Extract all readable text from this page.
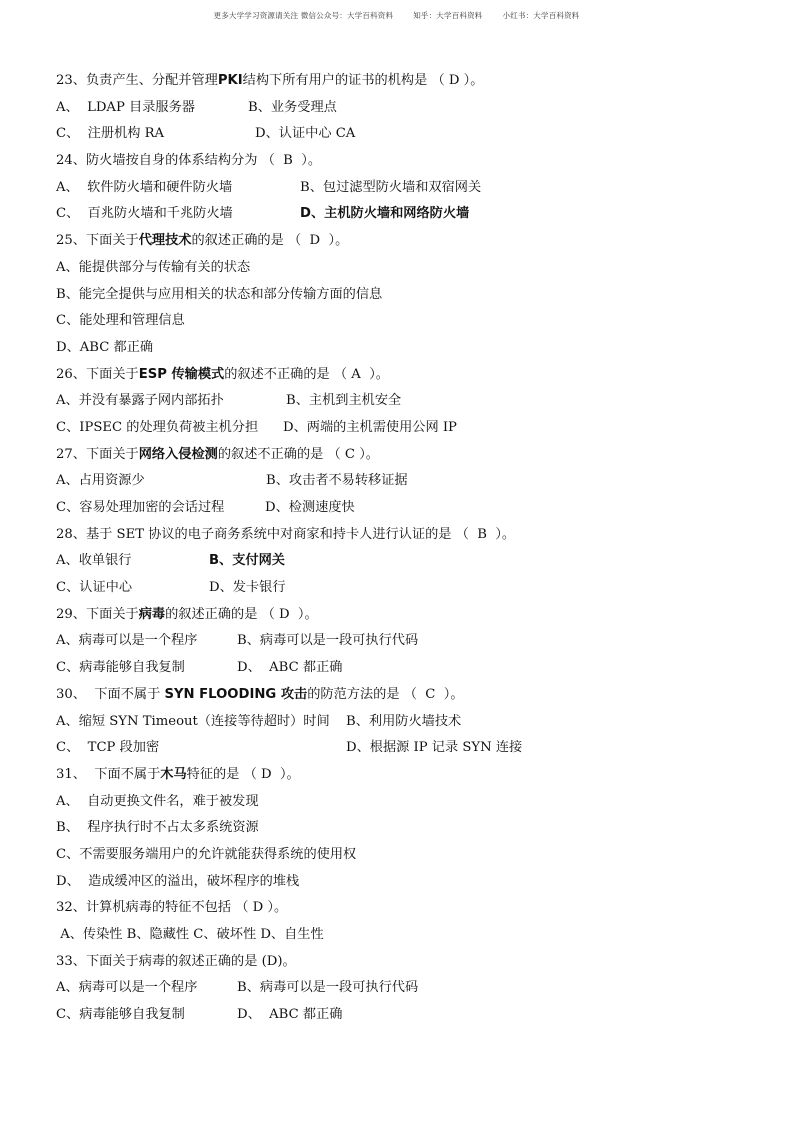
更多大学学习资源请关注 微信公众号：大学百科资料	知乎：大学百科资料	小红书：大学百科资料
23、负责产生、分配并管理PKI结构下所有用户的证书的机构是 （ D ）。
A、  LDAP 目录服务器	B、业务受理点
C、  注册机构 RA	D、认证中心 CA
24、防火墙按自身的体系结构分为 （  B  ）。
A、  软件防火墙和硬件防火墙	B、包过滤型防火墙和双宿网关
C、  百兆防火墙和千兆防火墙	D、主机防火墙和网络防火墙
25、下面关于代理技术的叙述正确的是 （  D  ）。
A、能提供部分与传输有关的状态
B、能完全提供与应用相关的状态和部分传输方面的信息
C、能处理和管理信息
D、ABC 都正确
26、下面关于ESP 传输模式的叙述不正确的是 （ A  ）。
A、并没有暴露子网内部拓扑	B、主机到主机安全
C、IPSEC 的处理负荷被主机分担 D、两端的主机需使用公网 IP
27、下面关于网络入侵检测的叙述不正确的是 （ C ）。
A、占用资源少	B、攻击者不易转移证据
C、容易处理加密的会话过程	D、检测速度快
28、基于 SET 协议的电子商务系统中对商家和持卡人进行认证的是 （  B  ）。
A、收单银行	B、支付网关
C、认证中心	D、发卡银行
29、下面关于病毒的叙述正确的是 （ D  ）。
A、病毒可以是一个程序	B、病毒可以是一段可执行代码
C、病毒能够自我复制	D、  ABC 都正确
30、  下面不属于 SYN FLOODING 攻击的防范方法的是 （  C  ）。
A、缩短 SYN Timeout（连接等待超时）时间 B、利用防火墙技术
C、  TCP 段加密	D、根据源 IP 记录 SYN 连接
31、  下面不属于木马特征的是 （ D  ）。
A、  自动更换文件名，难于被发现
B、  程序执行时不占太多系统资源
C、不需要服务端用户的允许就能获得系统的使用权
D、  造成缓冲区的溢出，破坏程序的堆栈
32、计算机病毒的特征不包括 （ D ）。
A、传染性 B、隐藏性 C、破坏性 D、自生性
33、下面关于病毒的叙述正确的是 (D)。
A、病毒可以是一个程序	B、病毒可以是一段可执行代码
C、病毒能够自我复制	D、  ABC 都正确
